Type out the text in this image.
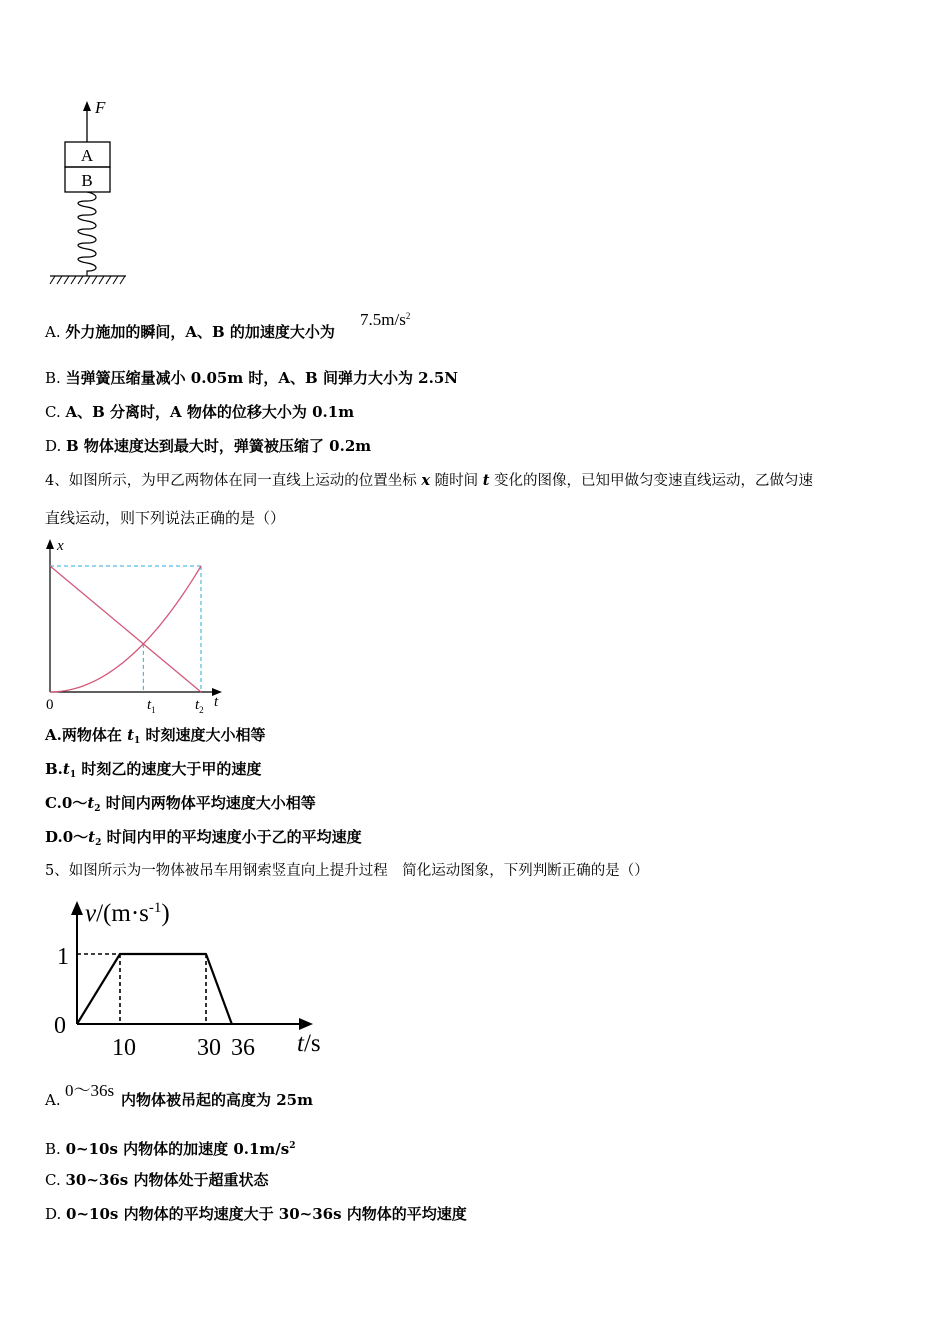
F
A
B
A. 外力施加的瞬间，A、B 的加速度大小为
$7.5m/s^2$
B. 当弹簧压缩量减小 0.05m 时，A、B 间弹力大小为 2.5N
C. A、B 分离时，A 物体的位移大小为 0.1m
D. B 物体速度达到最大时，弹簧被压缩了 0.2m
4、如图所示，为甲乙两物体在同一直线上运动的位置坐标 x 随时间 t 变化的图像，已知甲做匀变速直线运动，乙做匀速
直线运动，则下列说法正确的是（）
x
t
0	$t_1$	$t_2$
A.两物体在 $t_1$ 时刻速度大小相等
$B.t_1$ 时刻乙的速度大于甲的速度
$C.0\sim t_2$ 时间内两物体平均速度大小相等
$D.0\sim t_2$ 时间内甲的平均速度小于乙的平均速度
5、如图所示为一物体被吊车用钢索竖直向上提升过程　简化运动图象，下列判断正确的是（）
$v/(m\cdot s^{-1})$
0
1
10	30 36 t/s
A. 0～36s 内物体被吊起的高度为 25m
B. 0~10s 内物体的加速度 $0.1m/s^2$
C. 30~36s 内物体处于超重状态
D. 0~10s 内物体的平均速度大于 30~36s 内物体的平均速度
